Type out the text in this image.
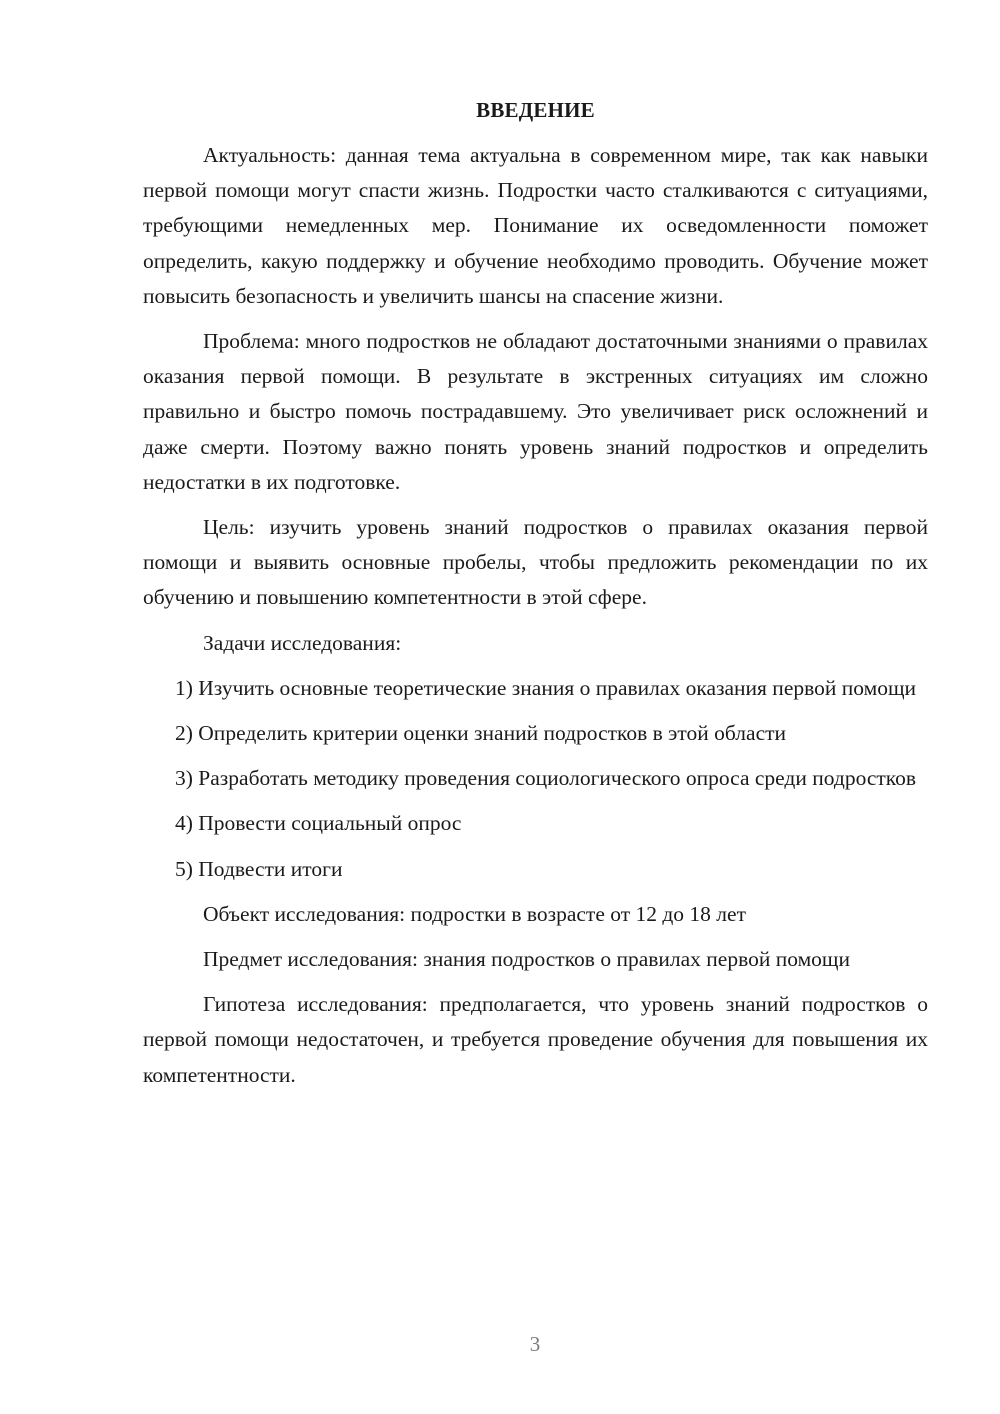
ВВЕДЕНИЕ

Актуальность: данная тема актуальна в современном мире, так как навыки первой помощи могут спасти жизнь. Подростки часто сталкиваются с ситуациями, требующими немедленных мер. Понимание их осведомленности поможет определить, какую поддержку и обучение необходимо проводить. Обучение может повысить безопасность и увеличить шансы на спасение жизни.

Проблема: много подростков не обладают достаточными знаниями о правилах оказания первой помощи. В результате в экстренных ситуациях им сложно правильно и быстро помочь пострадавшему. Это увеличивает риск осложнений и даже смерти. Поэтому важно понять уровень знаний подростков и определить недостатки в их подготовке.

Цель: изучить уровень знаний подростков о правилах оказания первой помощи и выявить основные пробелы, чтобы предложить рекомендации по их обучению и повышению компетентности в этой сфере.

Задачи исследования:

1) Изучить основные теоретические знания о правилах оказания первой помощи

2) Определить критерии оценки знаний подростков в этой области

3) Разработать методику проведения социологического опроса среди подростков

4) Провести социальный опрос

5) Подвести итоги

Объект исследования: подростки в возрасте от 12 до 18 лет

Предмет исследования: знания подростков о правилах первой помощи

Гипотеза исследования: предполагается, что уровень знаний подростков о первой помощи недостаточен, и требуется проведение обучения для повышения их компетентности.

3
